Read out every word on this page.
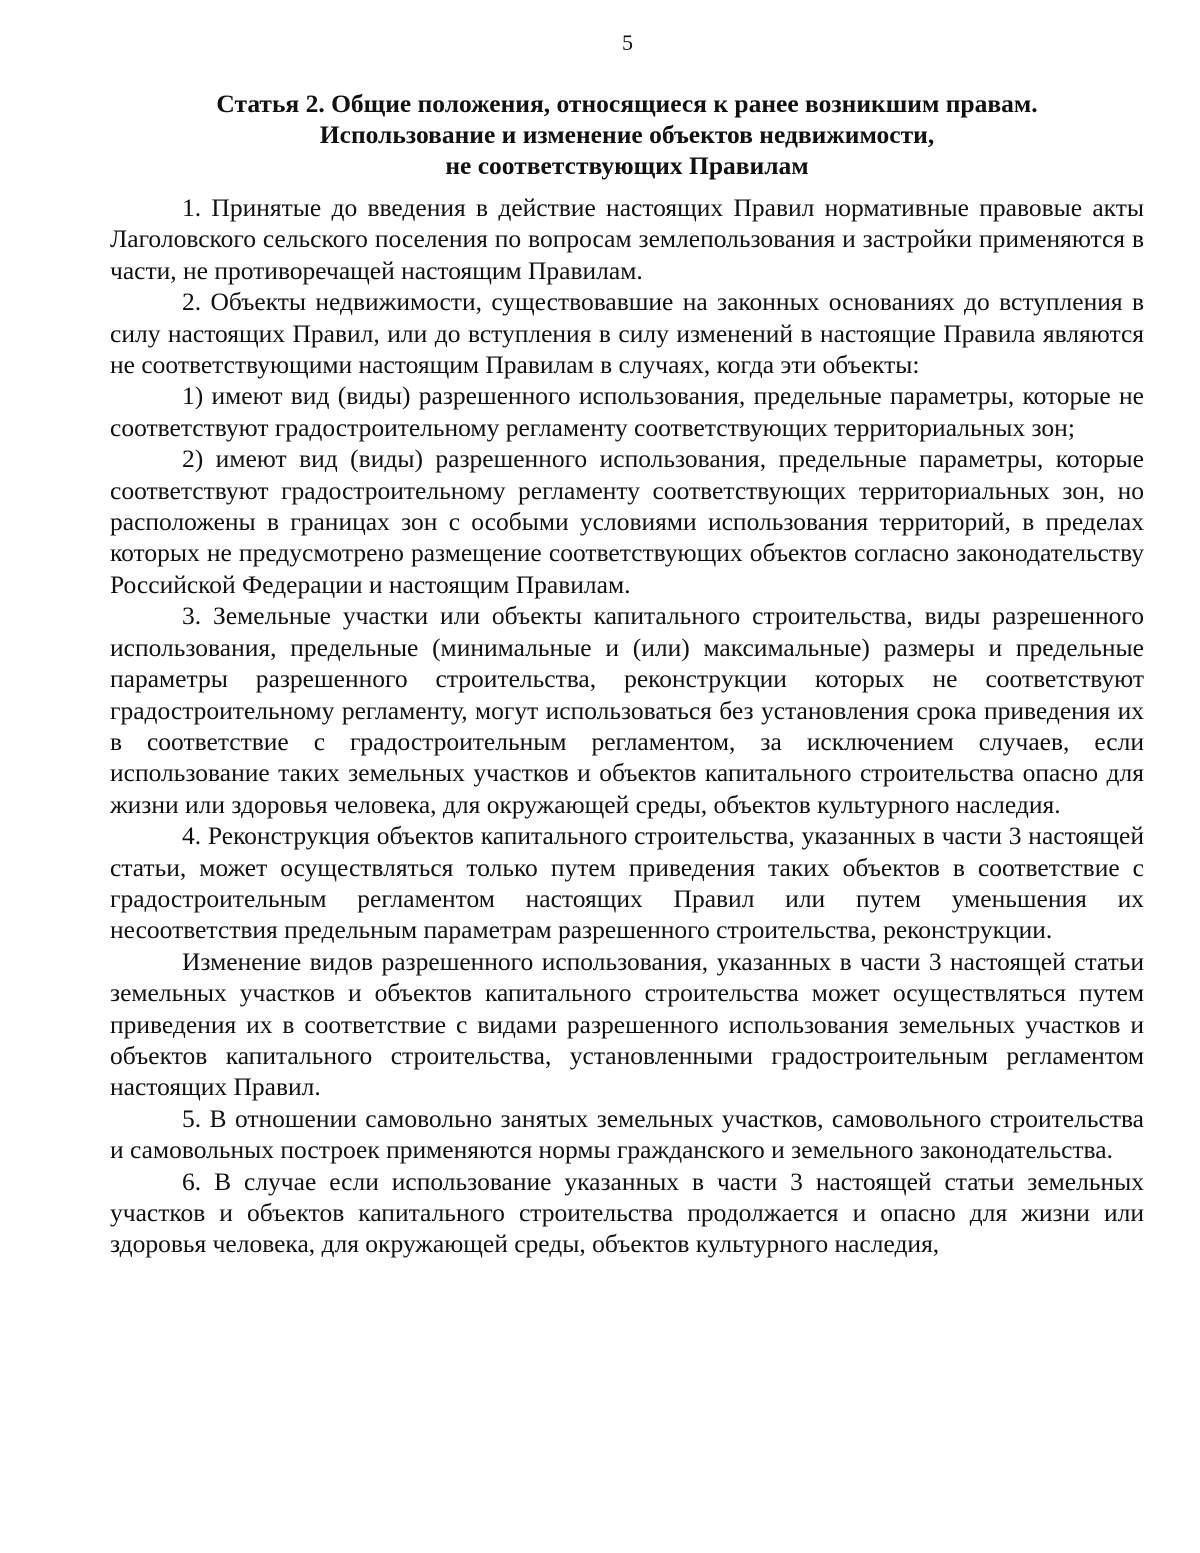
5
Статья 2. Общие положения, относящиеся к ранее возникшим правам.
Использование и изменение объектов недвижимости,
не соответствующих Правилам

1. Принятые до введения в действие настоящих Правил нормативные правовые акты Лаголовского сельского поселения по вопросам землепользования и застройки применяются в части, не противоречащей настоящим Правилам.

2. Объекты недвижимости, существовавшие на законных основаниях до вступления в силу настоящих Правил, или до вступления в силу изменений в настоящие Правила являются не соответствующими настоящим Правилам в случаях, когда эти объекты:

1) имеют вид (виды) разрешенного использования, предельные параметры, которые не соответствуют градостроительному регламенту соответствующих территориальных зон;

2) имеют вид (виды) разрешенного использования, предельные параметры, которые соответствуют градостроительному регламенту соответствующих территориальных зон, но расположены в границах зон с особыми условиями использования территорий, в пределах которых не предусмотрено размещение соответствующих объектов согласно законодательству Российской Федерации и настоящим Правилам.

3. Земельные участки или объекты капитального строительства, виды разрешенного использования, предельные (минимальные и (или) максимальные) размеры и предельные параметры разрешенного строительства, реконструкции которых не соответствуют градостроительному регламенту, могут использоваться без установления срока приведения их в соответствие с градостроительным регламентом, за исключением случаев, если использование таких земельных участков и объектов капитального строительства опасно для жизни или здоровья человека, для окружающей среды, объектов культурного наследия.

4. Реконструкция объектов капитального строительства, указанных в части 3 настоящей статьи, может осуществляться только путем приведения таких объектов в соответствие с градостроительным регламентом настоящих Правил или путем уменьшения их несоответствия предельным параметрам разрешенного строительства, реконструкции.

Изменение видов разрешенного использования, указанных в части 3 настоящей статьи земельных участков и объектов капитального строительства может осуществляться путем приведения их в соответствие с видами разрешенного использования земельных участков и объектов капитального строительства, установленными градостроительным регламентом настоящих Правил.

5. В отношении самовольно занятых земельных участков, самовольного строительства и самовольных построек применяются нормы гражданского и земельного законодательства.

6. В случае если использование указанных в части 3 настоящей статьи земельных участков и объектов капитального строительства продолжается и опасно для жизни или здоровья человека, для окружающей среды, объектов культурного наследия,
